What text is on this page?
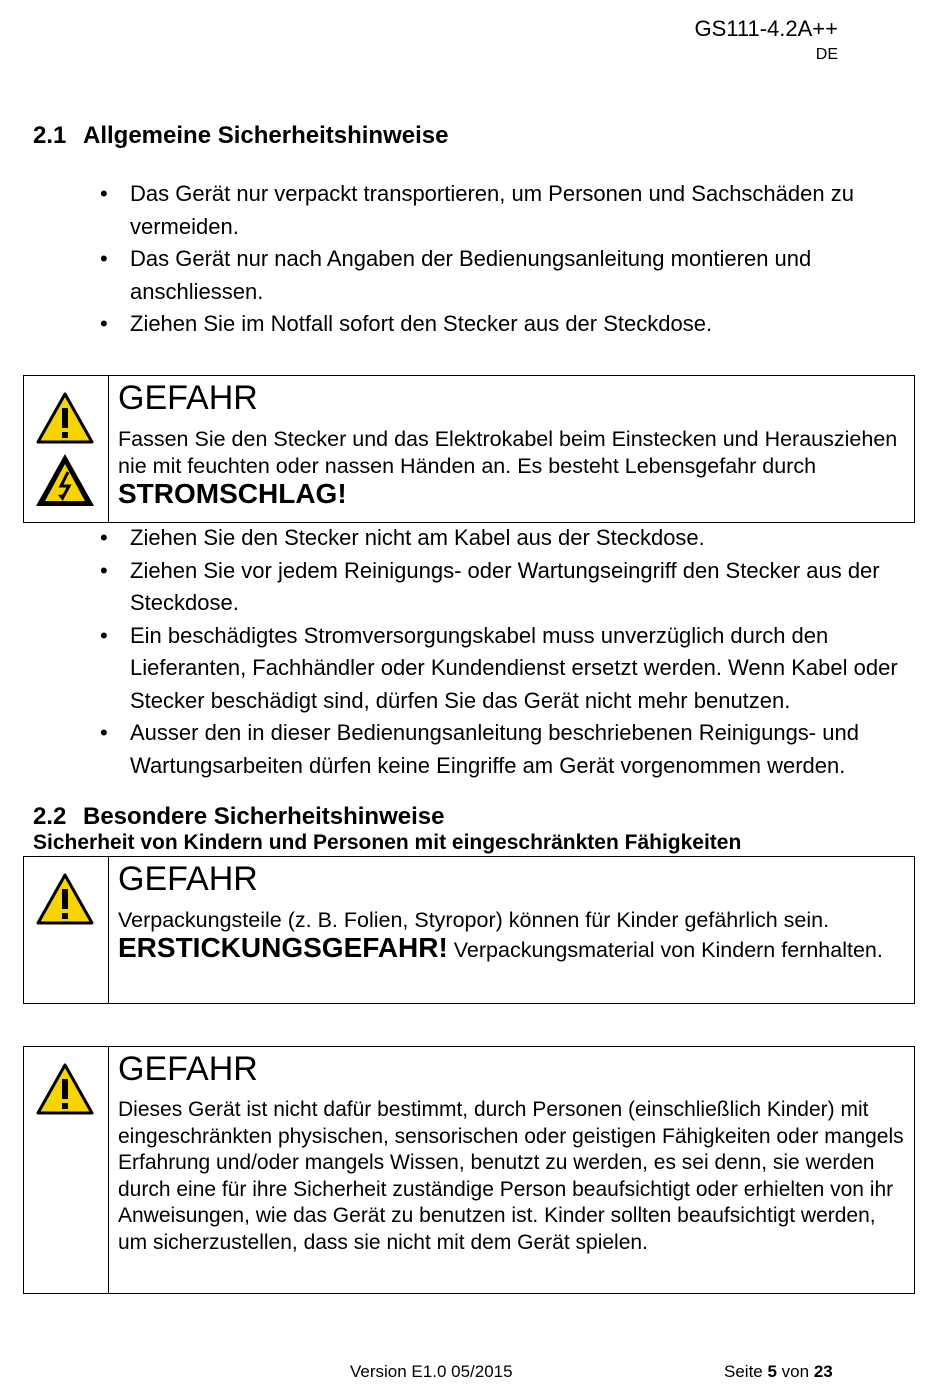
GS111-4.2A++
DE
2.1 Allgemeine Sicherheitshinweise
• Das Gerät nur verpackt transportieren, um Personen und Sachschäden zu vermeiden.
• Das Gerät nur nach Angaben der Bedienungsanleitung montieren und anschliessen.
• Ziehen Sie im Notfall sofort den Stecker aus der Steckdose.
GEFAHR
Fassen Sie den Stecker und das Elektrokabel beim Einstecken und Herausziehen nie mit feuchten oder nassen Händen an. Es besteht Lebensgefahr durch STROMSCHLAG!
• Ziehen Sie den Stecker nicht am Kabel aus der Steckdose.
• Ziehen Sie vor jedem Reinigungs- oder Wartungseingriff den Stecker aus der Steckdose.
• Ein beschädigtes Stromversorgungskabel muss unverzüglich durch den Lieferanten, Fachhändler oder Kundendienst ersetzt werden. Wenn Kabel oder Stecker beschädigt sind, dürfen Sie das Gerät nicht mehr benutzen.
• Ausser den in dieser Bedienungsanleitung beschriebenen Reinigungs- und Wartungsarbeiten dürfen keine Eingriffe am Gerät vorgenommen werden.
2.2 Besondere Sicherheitshinweise
Sicherheit von Kindern und Personen mit eingeschränkten Fähigkeiten
GEFAHR
Verpackungsteile (z. B. Folien, Styropor) können für Kinder gefährlich sein.
ERSTICKUNGSGEFAHR! Verpackungsmaterial von Kindern fernhalten.
GEFAHR
Dieses Gerät ist nicht dafür bestimmt, durch Personen (einschließlich Kinder) mit eingeschränkten physischen, sensorischen oder geistigen Fähigkeiten oder mangels Erfahrung und/oder mangels Wissen, benutzt zu werden, es sei denn, sie werden durch eine für ihre Sicherheit zuständige Person beaufsichtigt oder erhielten von ihr Anweisungen, wie das Gerät zu benutzen ist. Kinder sollten beaufsichtigt werden, um sicherzustellen, dass sie nicht mit dem Gerät spielen.
Version E1.0 05/2015	Seite 5 von 23
